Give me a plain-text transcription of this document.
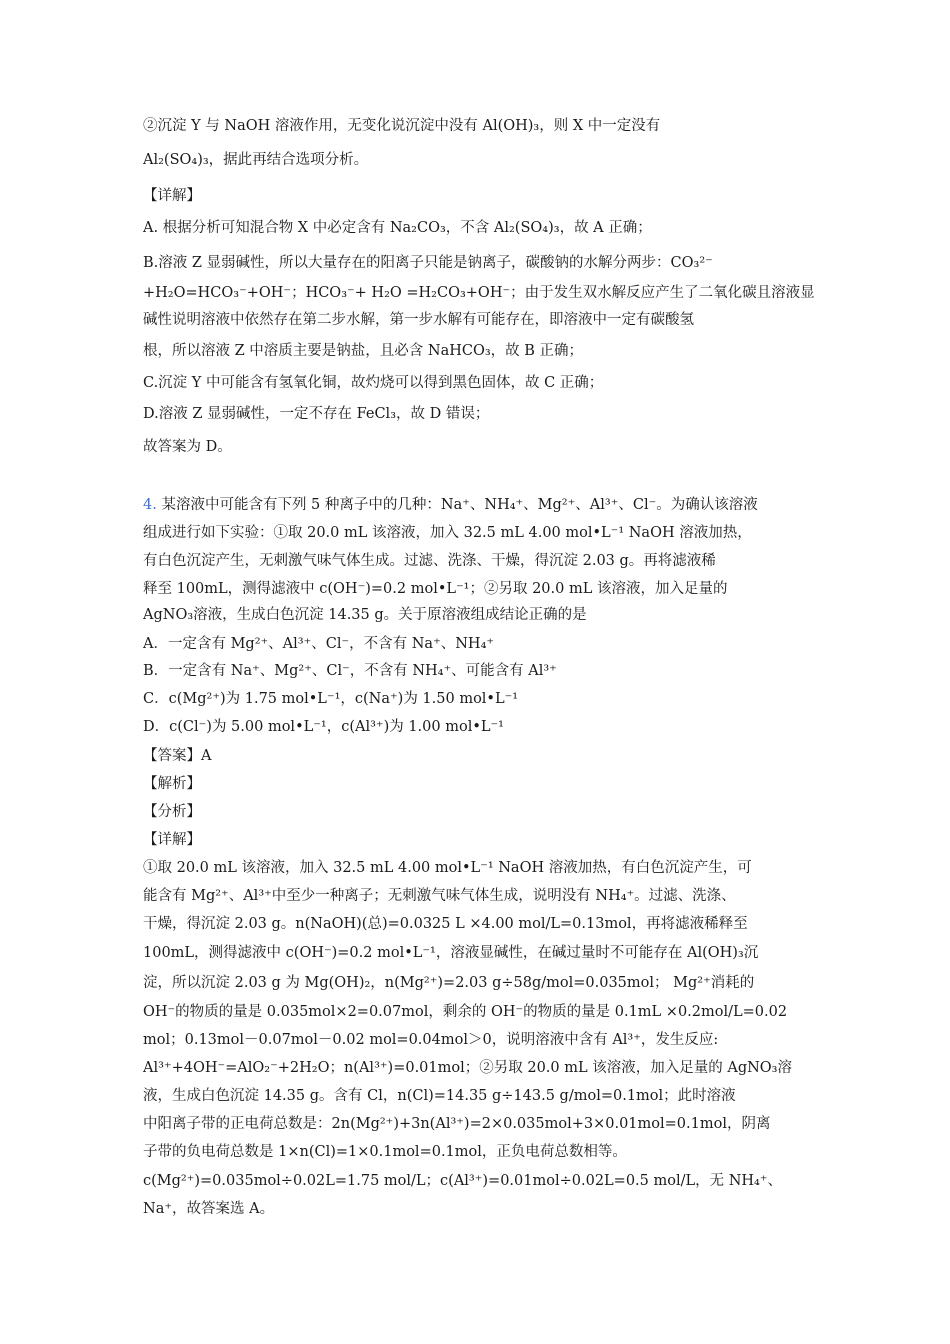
②沉淀 Y 与 NaOH 溶液作用，无变化说沉淀中没有 Al(OH)₃，则 X 中一定没有
Al₂(SO₄)₃，据此再结合选项分析。
【详解】
A. 根据分析可知混合物 X 中必定含有 Na₂CO₃，不含 Al₂(SO₄)₃，故 A 正确；
B.溶液 Z 显弱碱性，所以大量存在的阳离子只能是钠离子，碳酸钠的水解分两步：CO₃²⁻
+H₂O=HCO₃⁻+OH⁻；HCO₃⁻+ H₂O =H₂CO₃+OH⁻；由于发生双水解反应产生了二氧化碳且溶液显
碱性说明溶液中依然存在第二步水解，第一步水解有可能存在，即溶液中一定有碳酸氢
根，所以溶液 Z 中溶质主要是钠盐，且必含 NaHCO₃，故 B 正确；
C.沉淀 Y 中可能含有氢氧化铜，故灼烧可以得到黑色固体，故 C 正确；
D.溶液 Z 显弱碱性，一定不存在 FeCl₃，故 D 错误；
故答案为 D。
4. 某溶液中可能含有下列 5 种离子中的几种：Na⁺、NH₄⁺、Mg²⁺、Al³⁺、Cl⁻。为确认该溶液
组成进行如下实验：①取 20.0 mL 该溶液，加入 32.5 mL 4.00 mol•L⁻¹ NaOH 溶液加热，
有白色沉淀产生，无刺激气味气体生成。过滤、洗涤、干燥，得沉淀 2.03 g。再将滤液稀
释至 100mL，测得滤液中 c(OH⁻)=0.2 mol•L⁻¹；②另取 20.0 mL 该溶液，加入足量的
AgNO₃溶液，生成白色沉淀 14.35 g。关于原溶液组成结论正确的是
A．一定含有 Mg²⁺、Al³⁺、Cl⁻，不含有 Na⁺、NH₄⁺
B．一定含有 Na⁺、Mg²⁺、Cl⁻，不含有 NH₄⁺、可能含有 Al³⁺
C．c(Mg²⁺)为 1.75 mol•L⁻¹，c(Na⁺)为 1.50 mol•L⁻¹
D．c(Cl⁻)为 5.00 mol•L⁻¹，c(Al³⁺)为 1.00 mol•L⁻¹
【答案】A
【解析】
【分析】
【详解】
①取 20.0 mL 该溶液，加入 32.5 mL 4.00 mol•L⁻¹ NaOH 溶液加热，有白色沉淀产生，可
能含有 Mg²⁺、Al³⁺中至少一种离子；无刺激气味气体生成，说明没有 NH₄⁺。过滤、洗涤、
干燥，得沉淀 2.03 g。n(NaOH)(总)=0.0325 L ×4.00 mol/L=0.13mol，再将滤液稀释至
100mL，测得滤液中 c(OH⁻)=0.2 mol•L⁻¹，溶液显碱性，在碱过量时不可能存在 Al(OH)₃沉
淀，所以沉淀 2.03 g 为 Mg(OH)₂，n(Mg²⁺)=2.03 g÷58g/mol=0.035mol； Mg²⁺消耗的
OH⁻的物质的量是 0.035mol×2=0.07mol，剩余的 OH⁻的物质的量是 0.1mL ×0.2mol/L=0.02
mol；0.13mol－0.07mol－0.02 mol=0.04mol＞0，说明溶液中含有 Al³⁺，发生反应:
Al³⁺+4OH⁻=AlO₂⁻+2H₂O；n(Al³⁺)=0.01mol；②另取 20.0 mL 该溶液，加入足量的 AgNO₃溶
液，生成白色沉淀 14.35 g。含有 Cl，n(Cl)=14.35 g÷143.5 g/mol=0.1mol；此时溶液
中阳离子带的正电荷总数是：2n(Mg²⁺)+3n(Al³⁺)=2×0.035mol+3×0.01mol=0.1mol，阴离
子带的负电荷总数是 1×n(Cl)=1×0.1mol=0.1mol，正负电荷总数相等。
c(Mg²⁺)=0.035mol÷0.02L=1.75 mol/L；c(Al³⁺)=0.01mol÷0.02L=0.5 mol/L，无 NH₄⁺、
Na⁺，故答案选 A。
